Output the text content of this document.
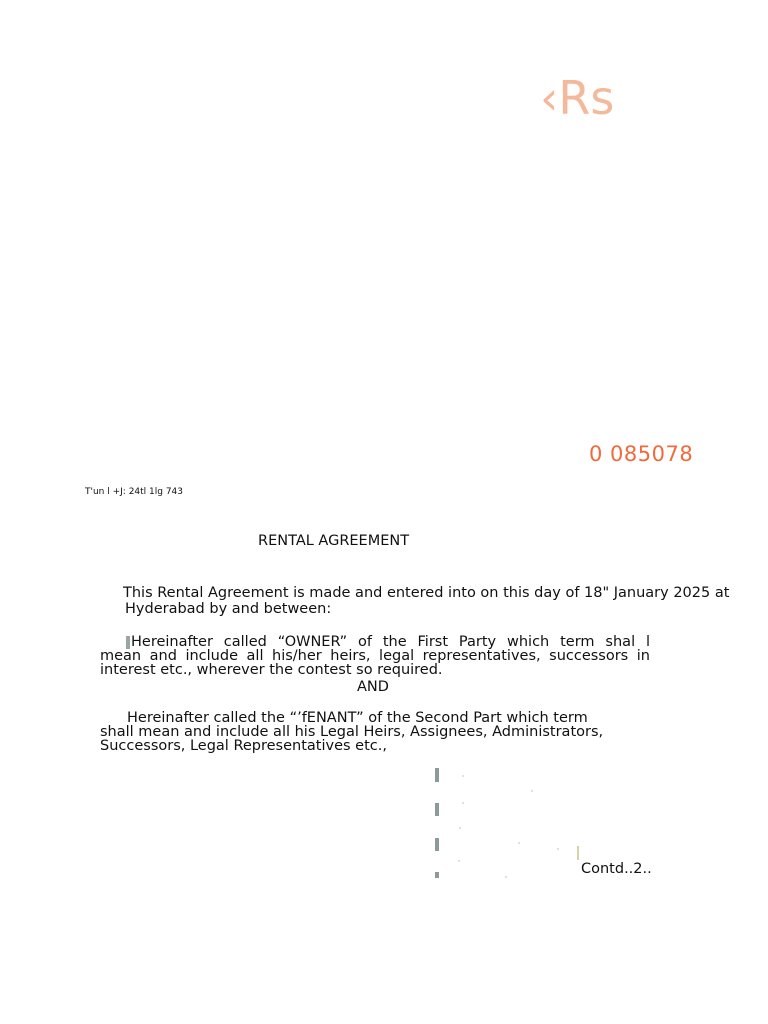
‹Rs
0 085078
T'un l +J: 24tl 1lg 743
RENTAL AGREEMENT
This Rental Agreement is made and entered into on this day of 18" January 2025 at
Hyderabad by and between:
Hereinafter called “OWNER” of the First Party which term shal l
mean and include all his/her heirs, legal representatives, successors in
interest etc., wherever the contest so required.
AND
Hereinafter called the “’fENANT” of the Second Part which term
shall mean and include all his Legal Heirs, Assignees, Administrators,
Successors, Legal Representatives etc.,
Contd..2..
